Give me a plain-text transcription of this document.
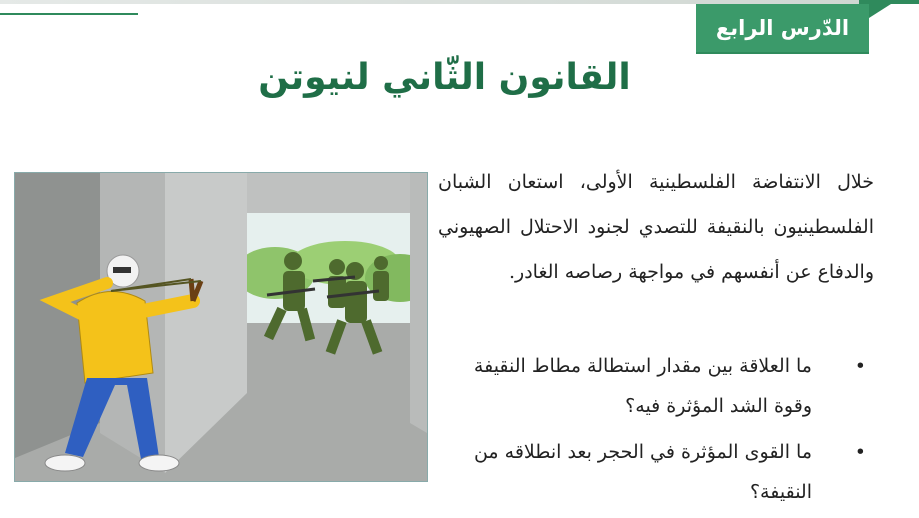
الدّرس الرابع
القانون الثّاني لنيوتن
خلال الانتفاضة الفلسطينية الأولى، استعان الشبان الفلسطينيون بالنقيفة للتصدي لجنود الاحتلال الصهيوني والدفاع عن أنفسهم في مواجهة رصاصه الغادر.
•
ما العلاقة بين مقدار استطالة مطاط النقيفة وقوة الشد المؤثرة فيه؟
•
ما القوى المؤثرة في الحجر بعد انطلاقه من النقيفة؟
